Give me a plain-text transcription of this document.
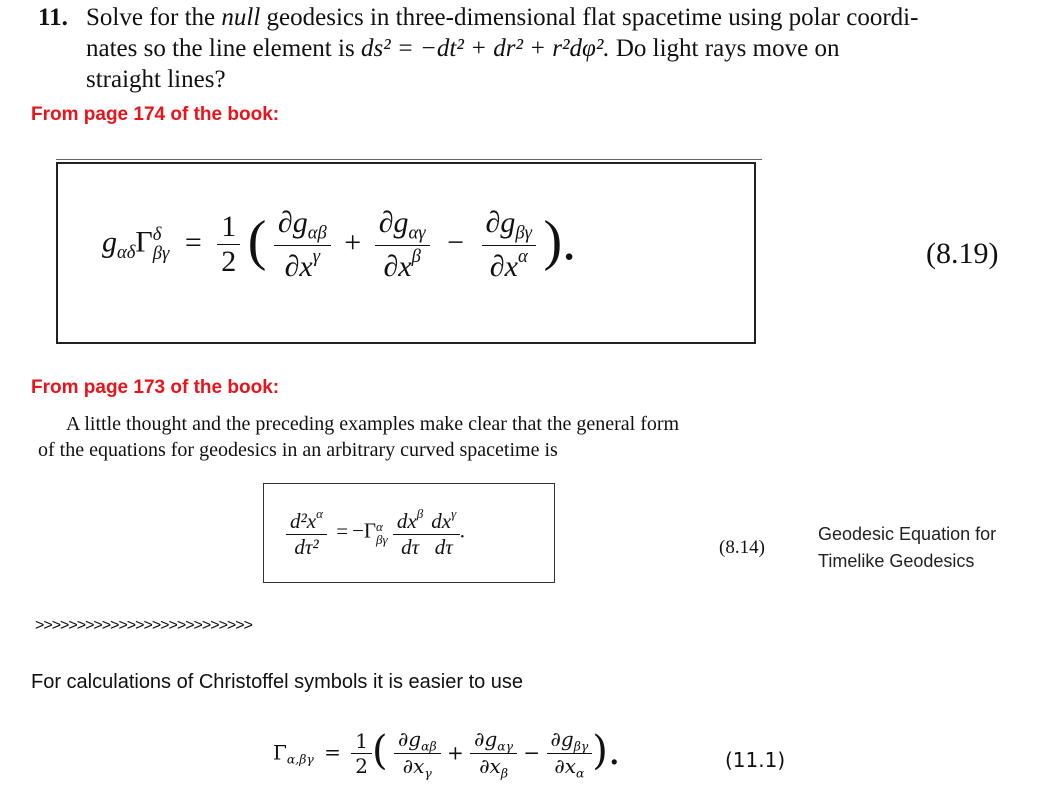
11. Solve for the null geodesics in three-dimensional flat spacetime using polar coordi-
nates so the line element is ds² = −dt² + dr² + r²dφ². Do light rays move on
straight lines?
From page 174 of the book:
$g_{\alpha\delta}\Gamma$ δ
$\beta\gamma = \frac{1}{2}$ ( $\frac{\partial g_{\alpha\beta}}{\partial x^\gamma} + \frac{\partial g_{\alpha\gamma}}{\partial x^\beta} - \frac{\partial g_{\beta\gamma}}{\partial x^\alpha}$ ).	(8.19)
From page 173 of the book:
A little thought and the preceding examples make clear that the general form
of the equations for geodesics in an arbitrary curved spacetime is
$\frac{d^2x^\alpha}{\text{dτ²}} = -\Gamma$ α
βγ
$\frac{dx^\beta}{d\tau} \frac{dx^\gamma}{d\tau}$ .
(8.14)
Geodesic Equation for
Timelike Geodesics
>>>>>>>>>>>>>>>>>>>>>>>>>>
For calculations of Christoffel symbols it is easier to use
$\Gamma_{\alpha,\beta\gamma} = \frac{1}{2}$ ( $\frac{\partial g_{\alpha\beta}}{\partial x_\gamma} + \frac{\partial g_{\alpha\gamma}}{\partial x_\beta} - \frac{\partial g_{\beta\gamma}}{\partial x_\alpha}$ ).	(11.1)
